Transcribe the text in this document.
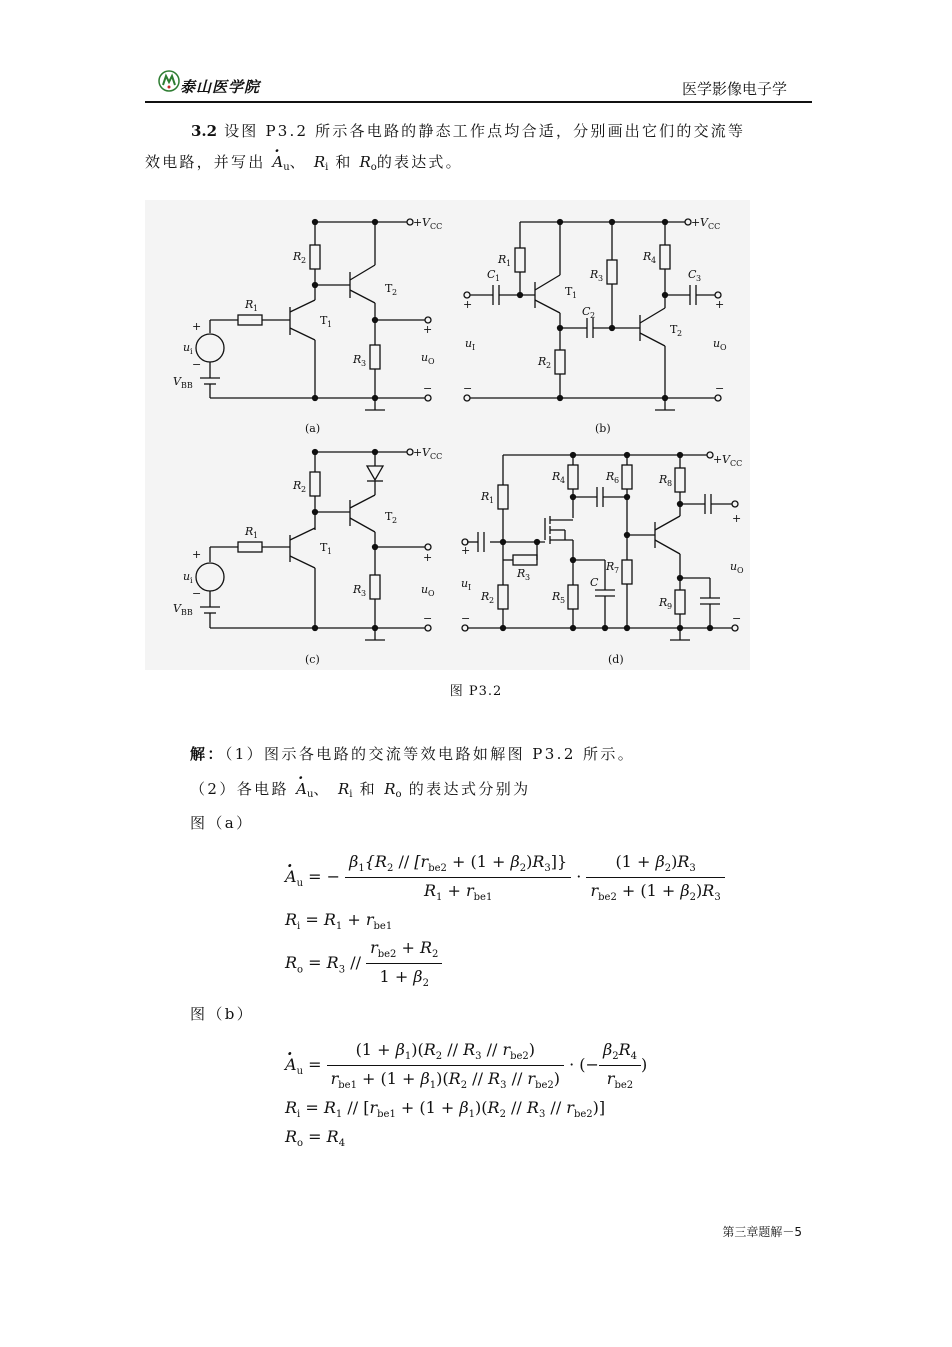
泰山医学院	医学影像电子学
3.2 设图 P3.2 所示各电路的静态工作点均合适，分别画出它们的交流等
效电路，并写出 · $A_u$、 $R_i$ 和 $R_o$的表达式。
+ V CC
R 2
R 1
T 2
T 1
R 3	u O
+
−
+
u i
−
V BB
+ V CC
R 1
C 1
T 1
C 2
R 3
R 4
C 3
T 2
R 2
+	+
u I	u O
−	−
+ V CC
R 2
R 1
T 2
T 1
R 3	u O
+
−
+
u i
−
V BB
+ V CC
R 1
R 4	R 6	R 8
R 3
R 7
C
R 2	R 5	R 9
+
+
u I
u O
−	−
(a)	(b)
(c)	(d)
图 P3.2
解：（1）图示各电路的交流等效电路如解图 P3.2 所示。
（2）各电路 · $A_u$、 $R_i$ 和 $R_o$ 的表达式分别为
图（a）
· $A_u$ = − $\frac{\beta_1\{R_2 // [r_{be2} + (1 + \beta_2)R_3]\}}{R_1 + r_{be1}} \cdot \frac{(1 + \beta_2)R_3}{r_{be2} + (1 + \beta_2)R_3}$
$R_i = R_1 + r_{be1}$
$R_o = R_3 // \frac{r_{be2} + R_2}{1 + \beta_2}$
图（b）
· $A_u = \frac{(1 + \beta_1)(R_2 // R_3 // r_{be2})}{r_{be1} + (1 + \beta_1)(R_2 // R_3 // r_{be2})}$ · (− $\frac{\beta_2R_4}{r_{be2}}$ )
$R_i = R_1 // [r_{be1} + (1 + \beta_1)(R_2 // R_3 // r_{be2})]$
$R_o = R_4$
第三章题解－5
